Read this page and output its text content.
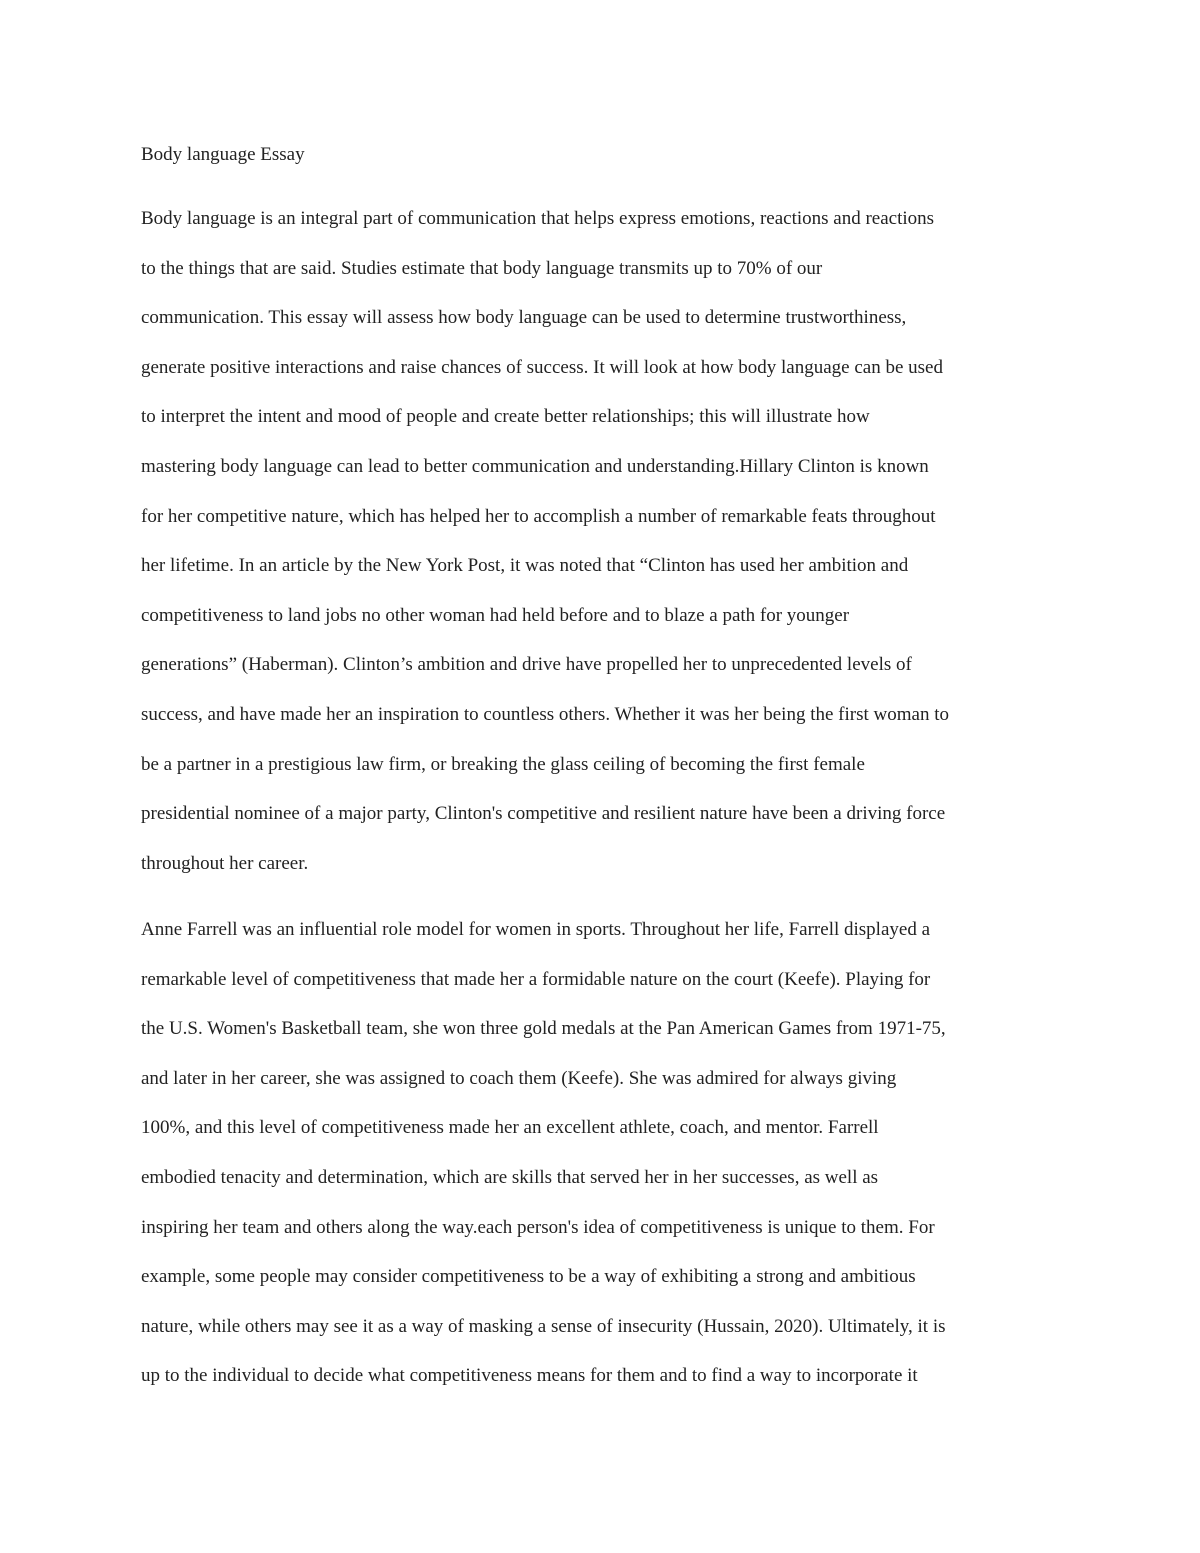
Body language Essay
Body language is an integral part of communication that helps express emotions, reactions and reactions
to the things that are said. Studies estimate that body language transmits up to 70% of our
communication. This essay will assess how body language can be used to determine trustworthiness,
generate positive interactions and raise chances of success. It will look at how body language can be used
to interpret the intent and mood of people and create better relationships; this will illustrate how
mastering body language can lead to better communication and understanding.Hillary Clinton is known
for her competitive nature, which has helped her to accomplish a number of remarkable feats throughout
her lifetime. In an article by the New York Post, it was noted that “Clinton has used her ambition and
competitiveness to land jobs no other woman had held before and to blaze a path for younger
generations” (Haberman). Clinton’s ambition and drive have propelled her to unprecedented levels of
success, and have made her an inspiration to countless others. Whether it was her being the first woman to
be a partner in a prestigious law firm, or breaking the glass ceiling of becoming the first female
presidential nominee of a major party, Clinton's competitive and resilient nature have been a driving force
throughout her career.
Anne Farrell was an influential role model for women in sports. Throughout her life, Farrell displayed a
remarkable level of competitiveness that made her a formidable nature on the court (Keefe). Playing for
the U.S. Women's Basketball team, she won three gold medals at the Pan American Games from 1971-75,
and later in her career, she was assigned to coach them (Keefe). She was admired for always giving
100%, and this level of competitiveness made her an excellent athlete, coach, and mentor. Farrell
embodied tenacity and determination, which are skills that served her in her successes, as well as
inspiring her team and others along the way.each person's idea of competitiveness is unique to them. For
example, some people may consider competitiveness to be a way of exhibiting a strong and ambitious
nature, while others may see it as a way of masking a sense of insecurity (Hussain, 2020). Ultimately, it is
up to the individual to decide what competitiveness means for them and to find a way to incorporate it
